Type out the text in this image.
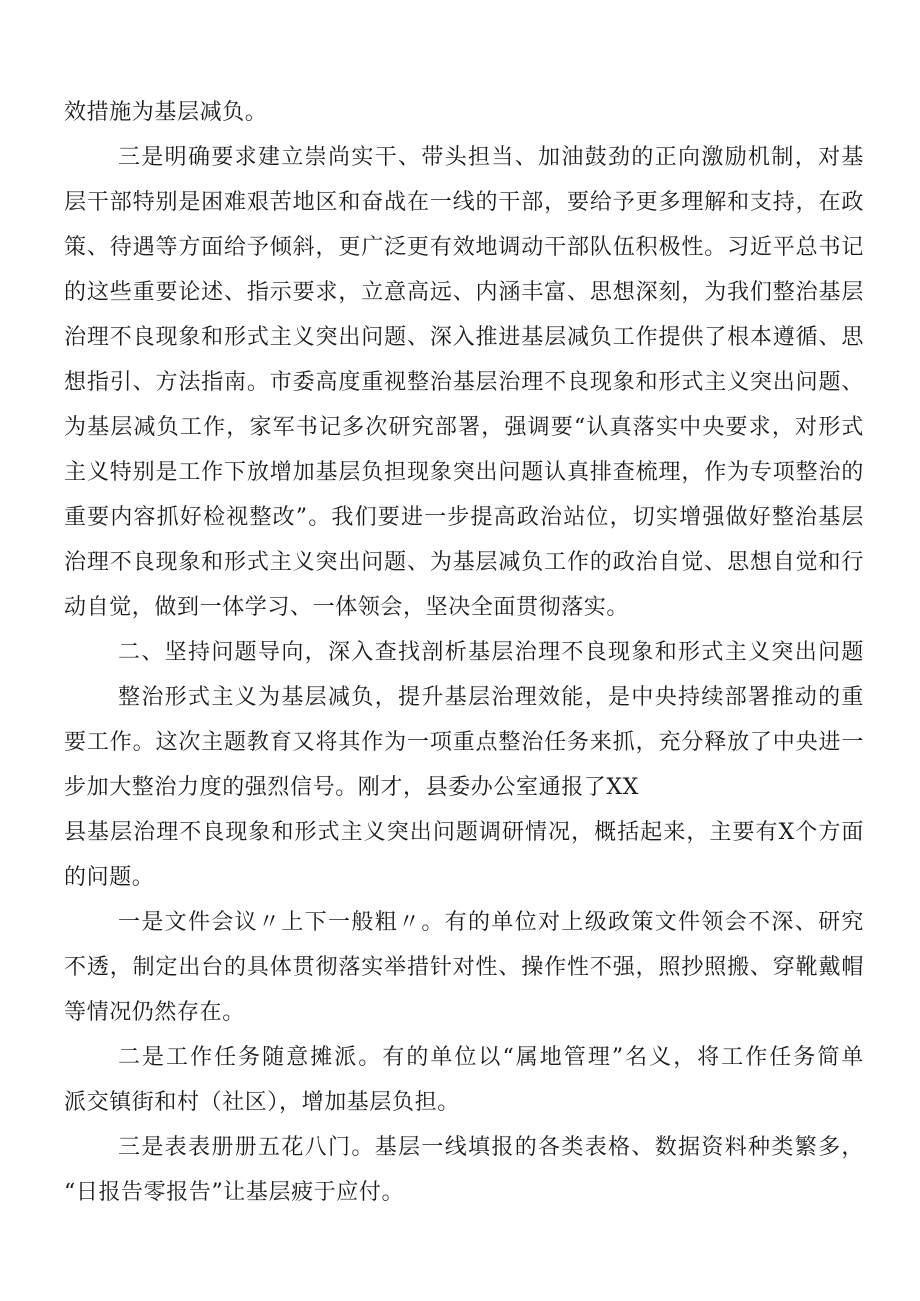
效措施为基层减负。
三是明确要求建立崇尚实干、带头担当、加油鼓劲的正向激励机制，对基
层干部特别是困难艰苦地区和奋战在一线的干部，要给予更多理解和支持，在政
策、待遇等方面给予倾斜，更广泛更有效地调动干部队伍积极性。习近平总书记
的这些重要论述、指示要求，立意高远、内涵丰富、思想深刻，为我们整治基层
治理不良现象和形式主义突出问题、深入推进基层减负工作提供了根本遵循、思
想指引、方法指南。市委高度重视整治基层治理不良现象和形式主义突出问题、
为基层减负工作，家军书记多次研究部署，强调要“认真落实中央要求，对形式
主义特别是工作下放增加基层负担现象突出问题认真排查梳理，作为专项整治的
重要内容抓好检视整改”。我们要进一步提高政治站位，切实增强做好整治基层
治理不良现象和形式主义突出问题、为基层减负工作的政治自觉、思想自觉和行
动自觉，做到一体学习、一体领会，坚决全面贯彻落实。
二、坚持问题导向，深入查找剖析基层治理不良现象和形式主义突出问题
整治形式主义为基层减负，提升基层治理效能，是中央持续部署推动的重
要工作。这次主题教育又将其作为一项重点整治任务来抓，充分释放了中央进一
步加大整治力度的强烈信号。刚才，县委办公室通报了XX
县基层治理不良现象和形式主义突出问题调研情况，概括起来，主要有X个方面
的问题。
一是文件会议〃上下一般粗〃。有的单位对上级政策文件领会不深、研究
不透，制定出台的具体贯彻落实举措针对性、操作性不强，照抄照搬、穿靴戴帽
等情况仍然存在。
二是工作任务随意摊派。有的单位以“属地管理”名义，将工作任务简单
派交镇街和村（社区），增加基层负担。
三是表表册册五花八门。基层一线填报的各类表格、数据资料种类繁多，
“日报告零报告”让基层疲于应付。
